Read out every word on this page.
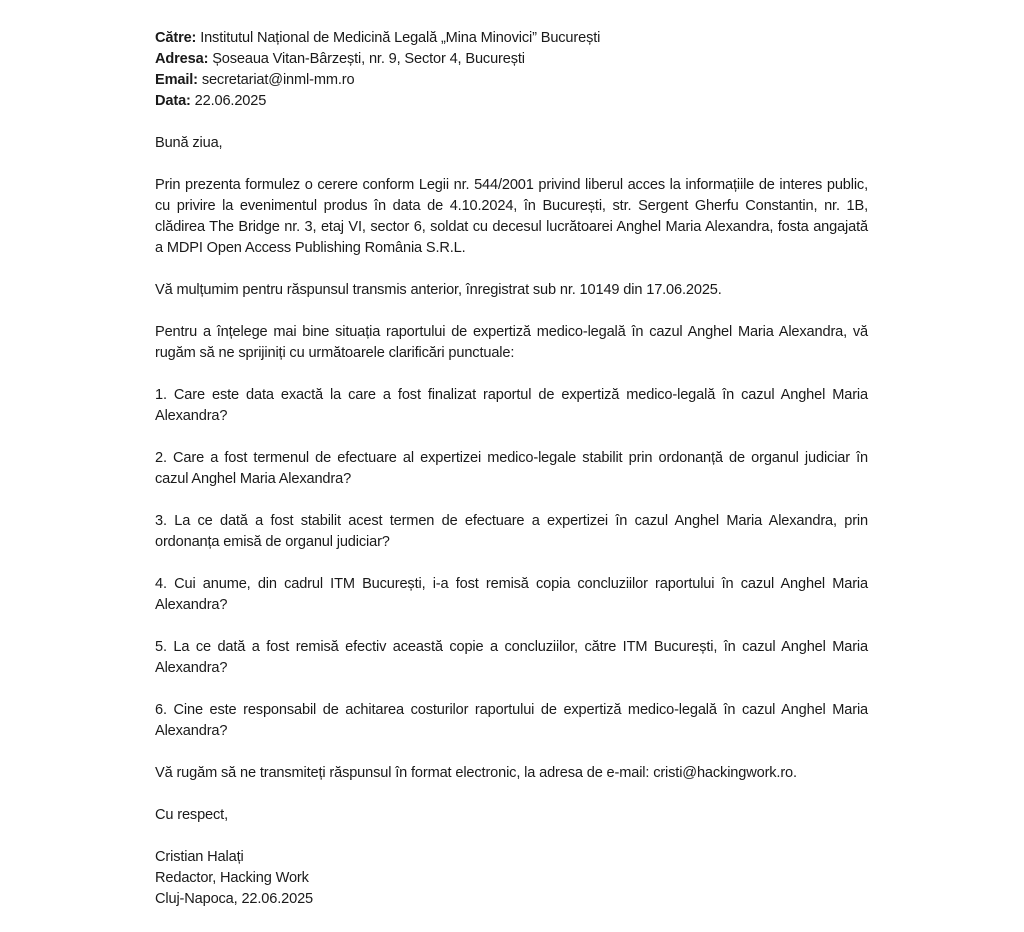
Către: Institutul Național de Medicină Legală „Mina Minovici” București
Adresa: Șoseaua Vitan-Bârzești, nr. 9, Sector 4, București
Email: secretariat@inml-mm.ro
Data: 22.06.2025

Bună ziua,

Prin prezenta formulez o cerere conform Legii nr. 544/2001 privind liberul acces la informațiile de interes public, cu privire la evenimentul produs în data de 4.10.2024, în București, str. Sergent Gherfu Constantin, nr. 1B, clădirea The Bridge nr. 3, etaj VI, sector 6, soldat cu decesul lucrătoarei Anghel Maria Alexandra, fosta angajată a MDPI Open Access Publishing România S.R.L.

Vă mulțumim pentru răspunsul transmis anterior, înregistrat sub nr. 10149 din 17.06.2025.

Pentru a înțelege mai bine situația raportului de expertiză medico-legală în cazul Anghel Maria Alexandra, vă rugăm să ne sprijiniți cu următoarele clarificări punctuale:

1. Care este data exactă la care a fost finalizat raportul de expertiză medico-legală în cazul Anghel Maria Alexandra?

2. Care a fost termenul de efectuare al expertizei medico-legale stabilit prin ordonanță de organul judiciar în cazul Anghel Maria Alexandra?

3. La ce dată a fost stabilit acest termen de efectuare a expertizei în cazul Anghel Maria Alexandra, prin ordonanța emisă de organul judiciar?

4. Cui anume, din cadrul ITM București, i-a fost remisă copia concluziilor raportului în cazul Anghel Maria Alexandra?

5. La ce dată a fost remisă efectiv această copie a concluziilor, către ITM București, în cazul Anghel Maria Alexandra?

6. Cine este responsabil de achitarea costurilor raportului de expertiză medico-legală în cazul Anghel Maria Alexandra?

Vă rugăm să ne transmiteți răspunsul în format electronic, la adresa de e-mail: cristi@hackingwork.ro.

Cu respect,

Cristian Halați
Redactor, Hacking Work
Cluj-Napoca, 22.06.2025
